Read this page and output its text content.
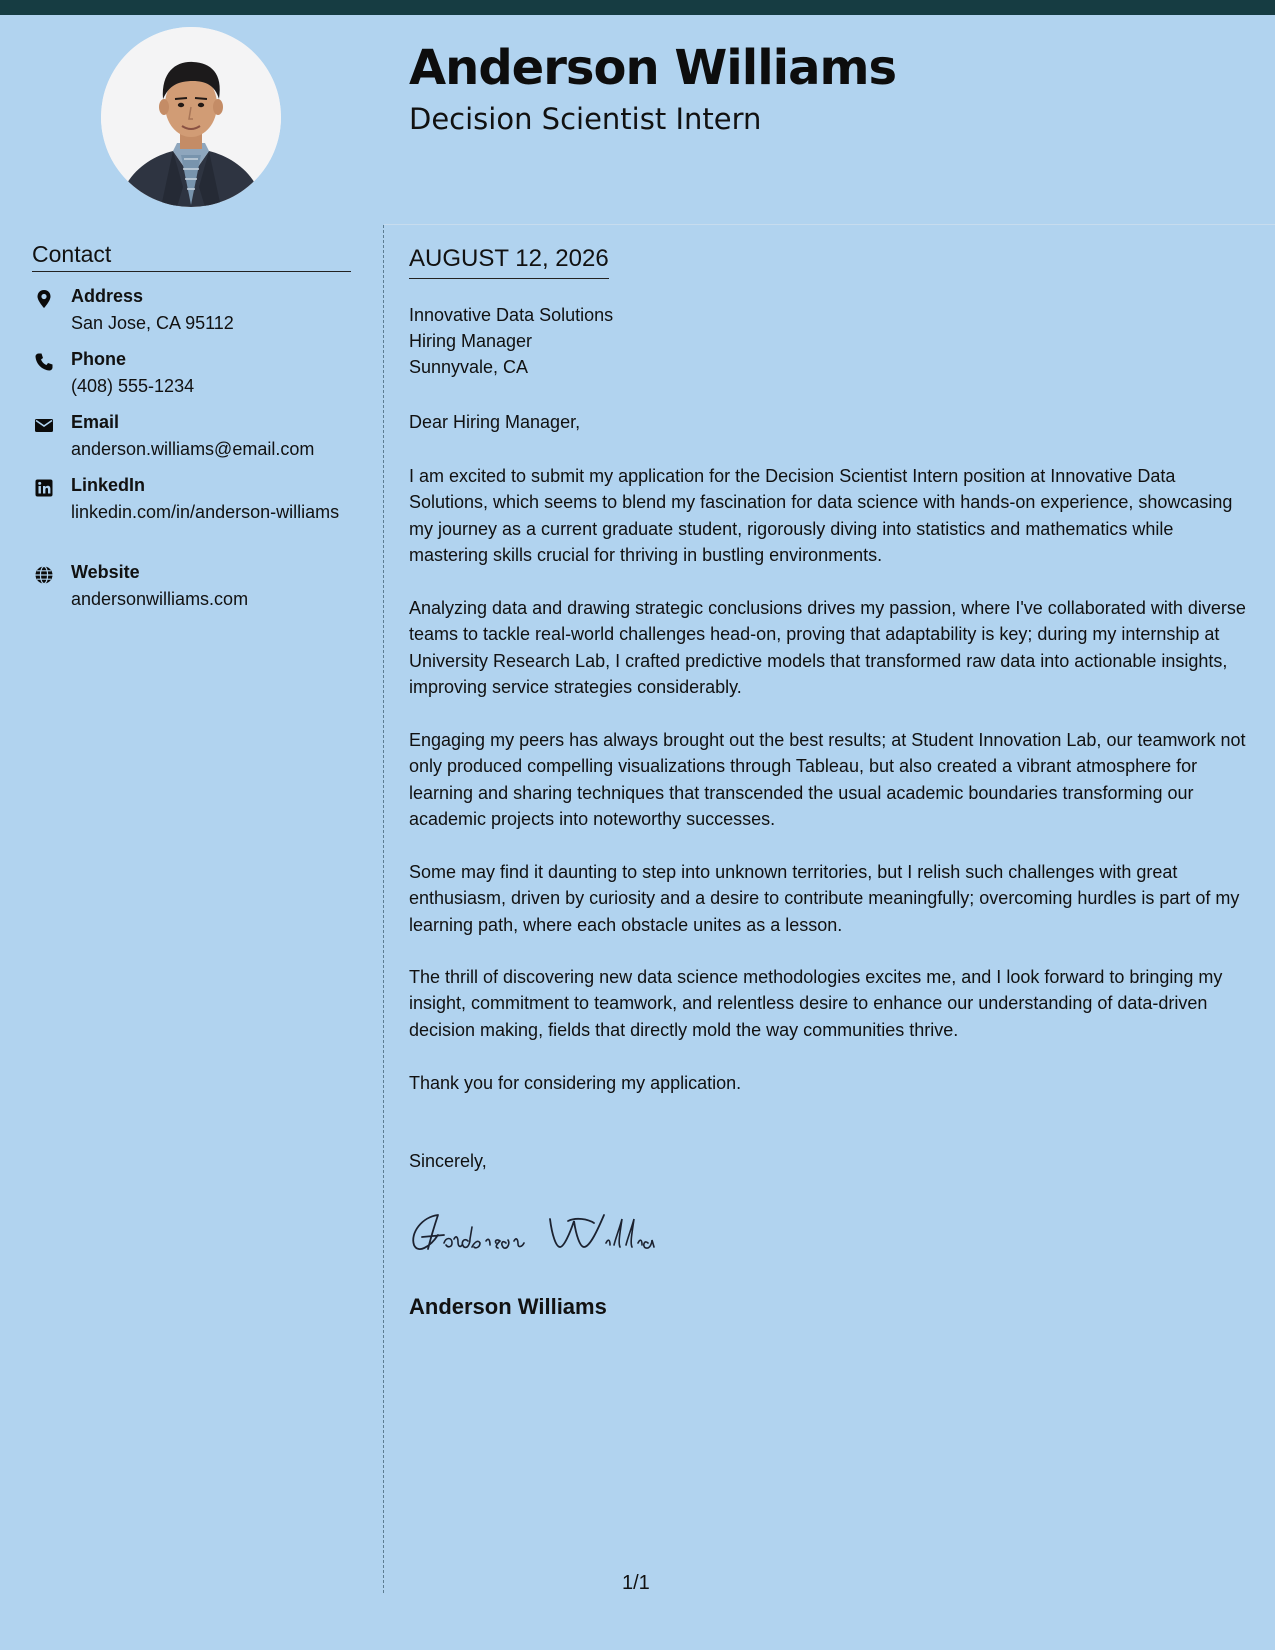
Anderson Williams
Decision Scientist Intern
Contact
Address
San Jose, CA 95112
Phone
(408) 555-1234
Email
anderson.williams@email.com
LinkedIn
linkedin.com/in/anderson-williams
Website
andersonwilliams.com
AUGUST 12, 2026
Innovative Data Solutions
Hiring Manager
Sunnyvale, CA
Dear Hiring Manager,
I am excited to submit my application for the Decision Scientist Intern position at Innovative Data Solutions, which seems to blend my fascination for data science with hands-on experience, showcasing my journey as a current graduate student, rigorously diving into statistics and mathematics while mastering skills crucial for thriving in bustling environments.
Analyzing data and drawing strategic conclusions drives my passion, where I've collaborated with diverse teams to tackle real-world challenges head-on, proving that adaptability is key; during my internship at University Research Lab, I crafted predictive models that transformed raw data into actionable insights, improving service strategies considerably.
Engaging my peers has always brought out the best results; at Student Innovation Lab, our teamwork not only produced compelling visualizations through Tableau, but also created a vibrant atmosphere for learning and sharing techniques that transcended the usual academic boundaries transforming our academic projects into noteworthy successes.
Some may find it daunting to step into unknown territories, but I relish such challenges with great enthusiasm, driven by curiosity and a desire to contribute meaningfully; overcoming hurdles is part of my learning path, where each obstacle unites as a lesson.
The thrill of discovering new data science methodologies excites me, and I look forward to bringing my insight, commitment to teamwork, and relentless desire to enhance our understanding of data-driven decision making, fields that directly mold the way communities thrive.
Thank you for considering my application.
Sincerely,
Anderson Williams
1/1
